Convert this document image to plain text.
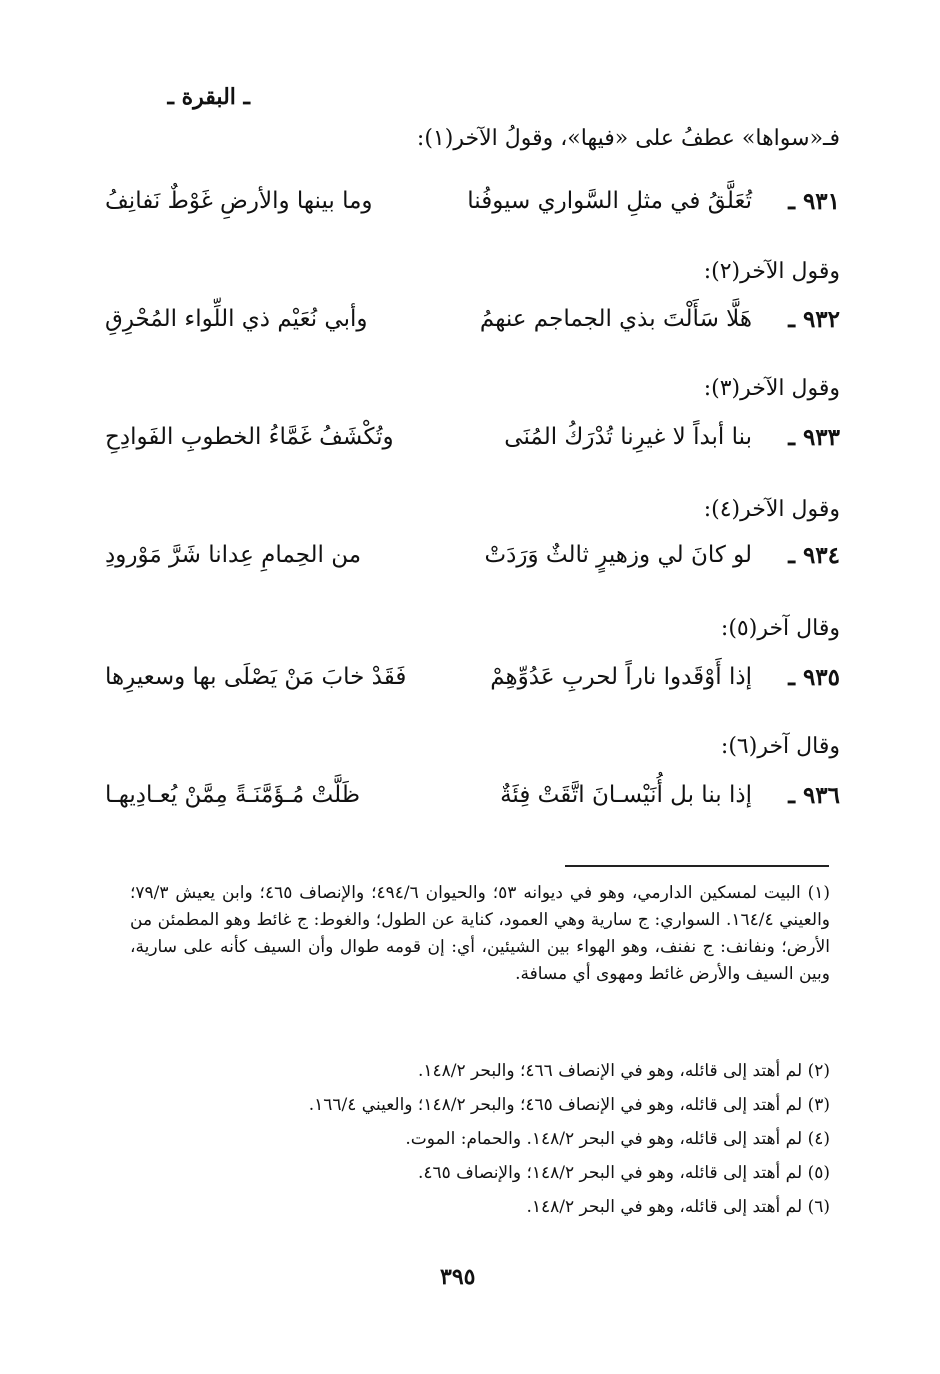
ـ البقرة ـ
فـ«سواها» عطفُ على «فيها»، وقولُ الآخر(١):
٩٣١ ـ
تُعَلَّقُ في مثلِ السَّواري سيوفُنا
وما بينها والأرضِ غَوْطٌ نَفانِفُ
وقول الآخر(٢):
٩٣٢ ـ
هَلَّا سَأَلْتَ بذي الجماجم عنهمُ
وأبي نُعَيْم ذي اللِّواء المُحْرِقِ
وقول الآخر(٣):
٩٣٣ ـ
بنا أبداً لا غيرِنا تُدْرَكُ المُنَى
وتُكْشَفُ غَمَّاءُ الخطوبِ الفَوادِحِ
وقول الآخر(٤):
٩٣٤ ـ
لو كانَ لي وزهيرٍ ثالثٌ وَرَدَتْ
من الحِمامِ عِدانا شَرَّ مَوْرودِ
وقال آخر(٥):
٩٣٥ ـ
إذا أَوْقَدوا ناراً لحربِ عَدُوِّهِمْ
فَقَدْ خابَ مَنْ يَصْلَى بها وسعيرِها
وقال آخر(٦):
٩٣٦ ـ
إذا بنا بل أُنَيْسـانَ اتَّقَتْ فِئَةٌ
ظَلَّتْ مُـؤَمَّنَـةً مِمَّنْ يُعـادِيهـا
(١) البيت لمسكين الدارمي، وهو في ديوانه ٥٣؛ والحيوان ٤٩٤/٦؛ والإنصاف ٤٦٥؛ وابن يعيش ٧٩/٣؛ والعيني ١٦٤/٤. السواري: ج سارية وهي العمود، كناية عن الطول؛ والغوط: ج غائط وهو المطمئن من الأرض؛ ونفانف: ج نفنف، وهو الهواء بين الشيئين، أي: إن قومه طوال وأن السيف كأنه على سارية، وبين السيف والأرض غائط ومهوى أي مسافة.
(٢) لم أهتد إلى قائله، وهو في الإنصاف ٤٦٦؛ والبحر ١٤٨/٢.
(٣) لم أهتد إلى قائله، وهو في الإنصاف ٤٦٥؛ والبحر ١٤٨/٢؛ والعيني ١٦٦/٤.
(٤) لم أهتد إلى قائله، وهو في البحر ١٤٨/٢. والحمام: الموت.
(٥) لم أهتد إلى قائله، وهو في البحر ١٤٨/٢؛ والإنصاف ٤٦٥.
(٦) لم أهتد إلى قائله، وهو في البحر ١٤٨/٢.
٣٩٥
